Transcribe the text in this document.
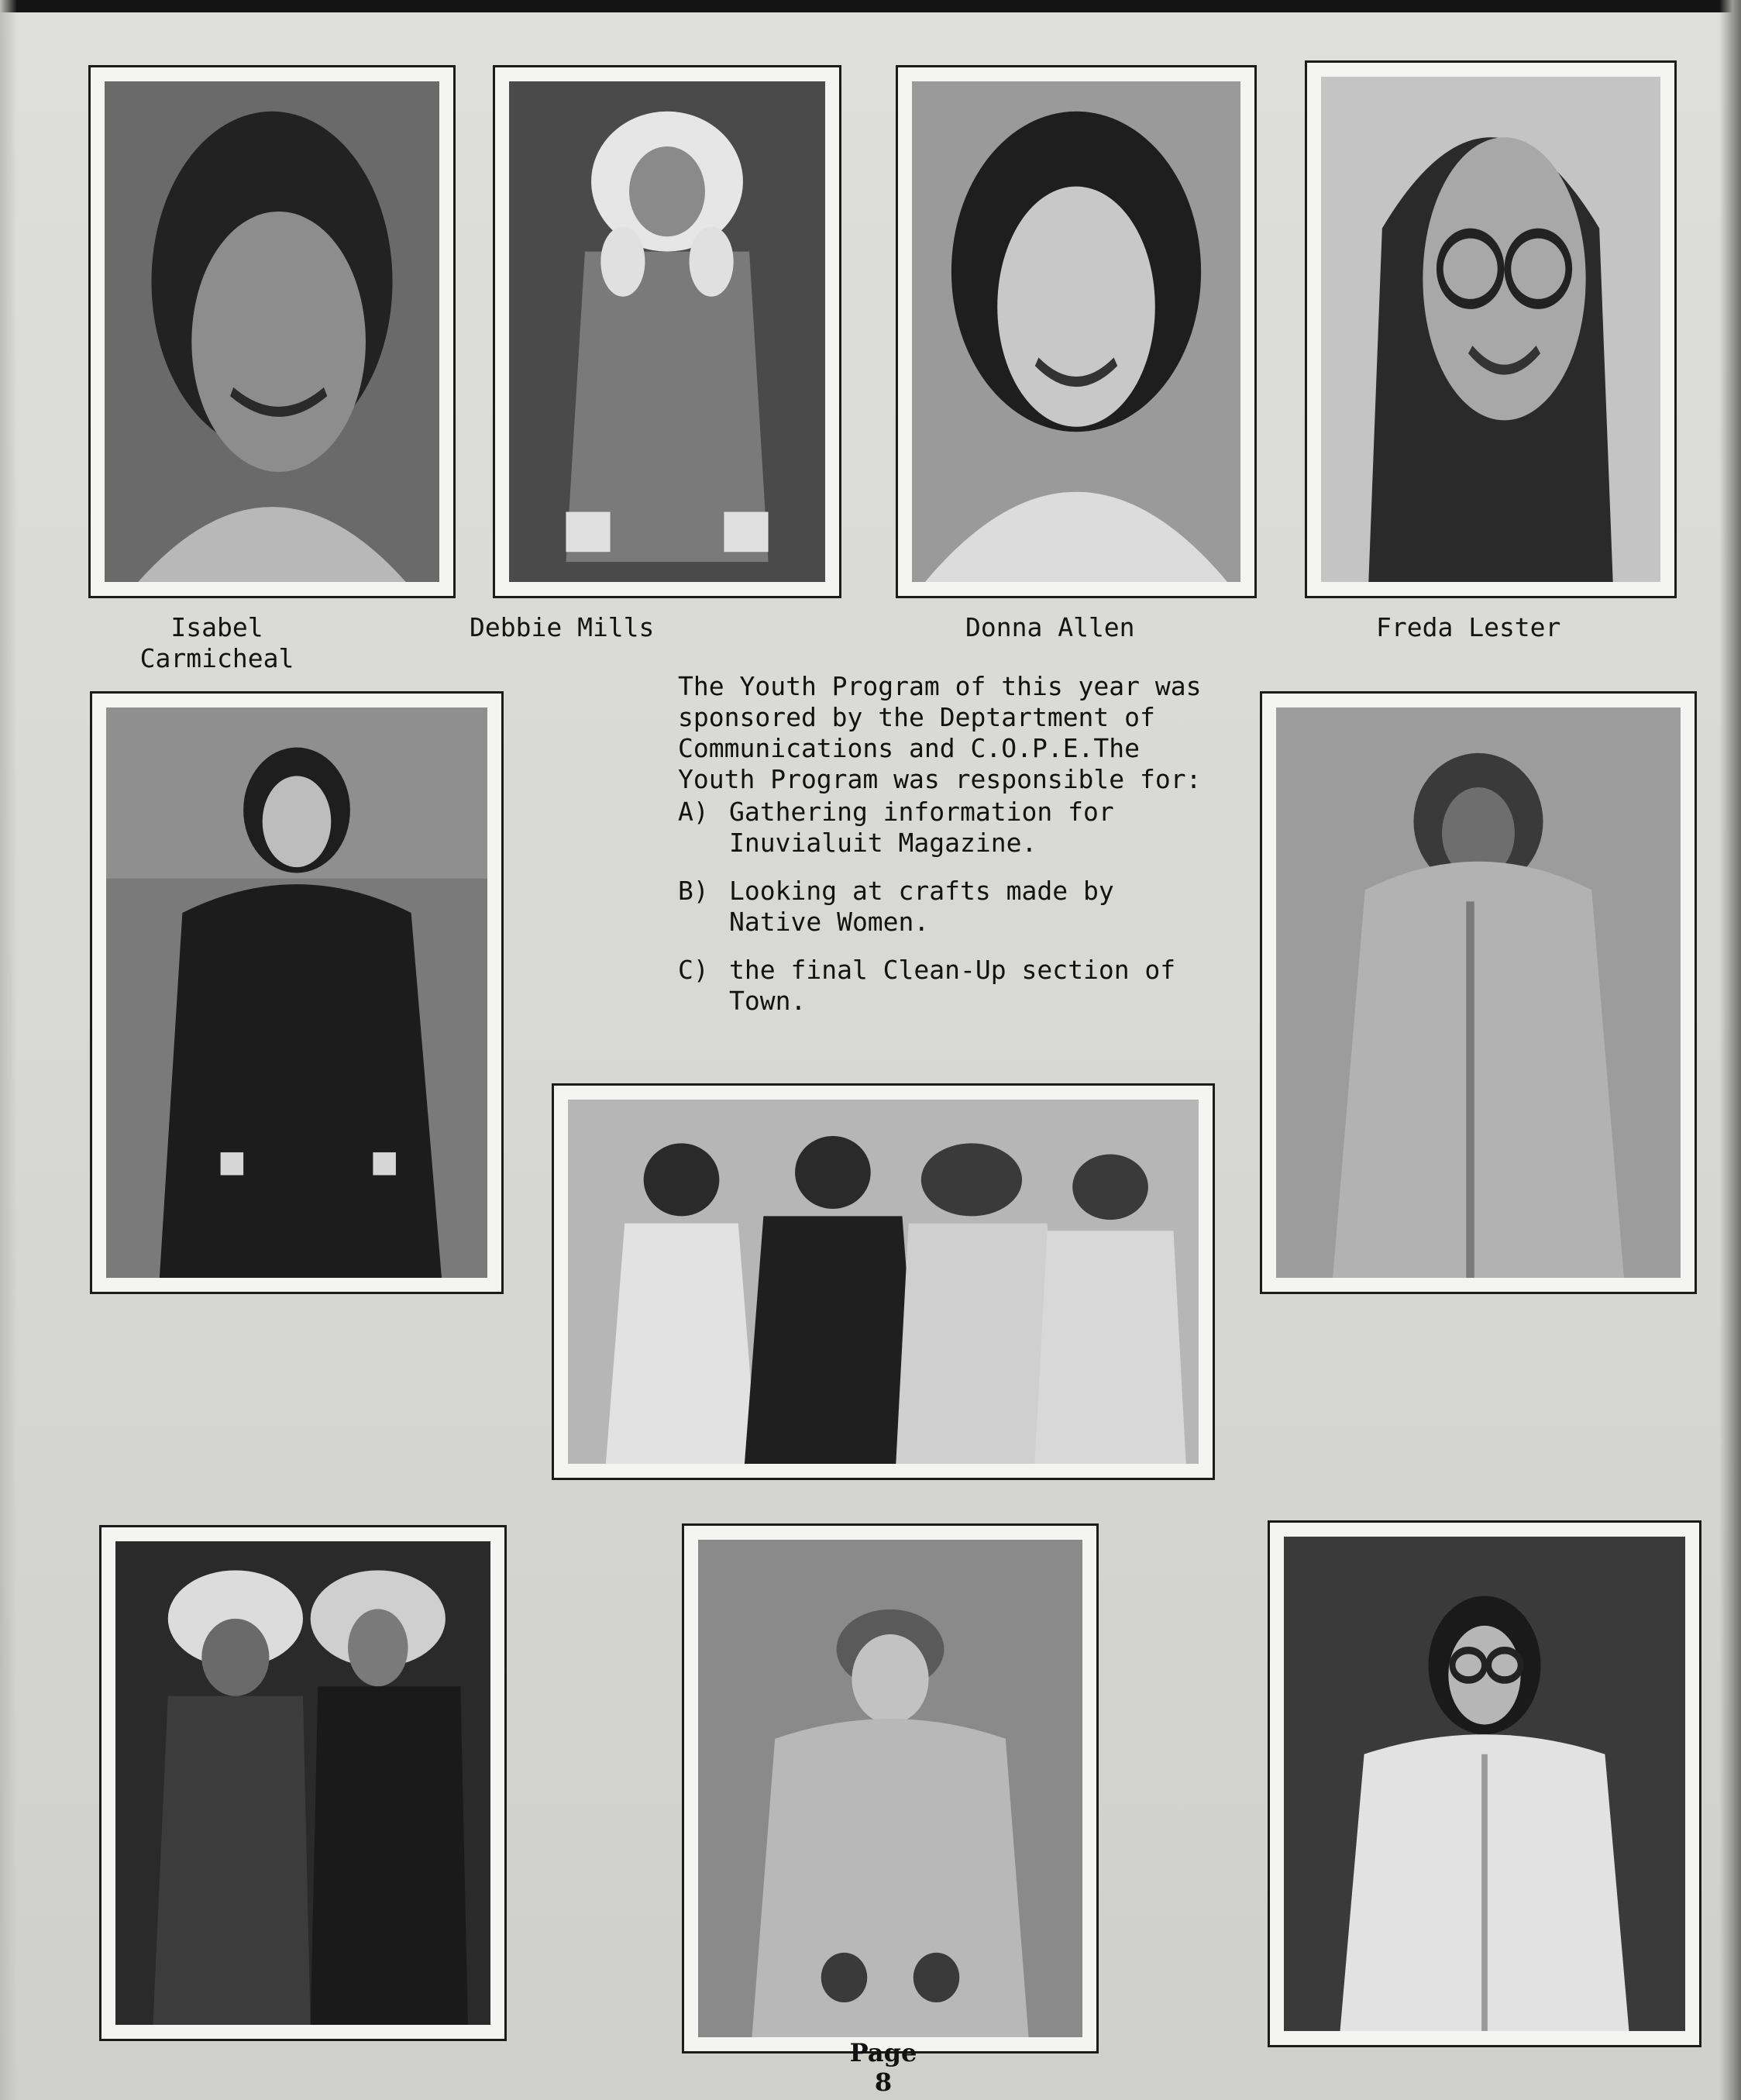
Isabel
Carmicheal
Debbie Mills	Donna Allen	Freda Lester

The Youth Program of this year was sponsored by the Deptartment of Communications and C.O.P.E.The Youth Program was responsible for:

A) Gathering information for Inuvialuit Magazine.
B) Looking at crafts made by Native Women.
C) the final Clean-Up section of Town.
Page 8
